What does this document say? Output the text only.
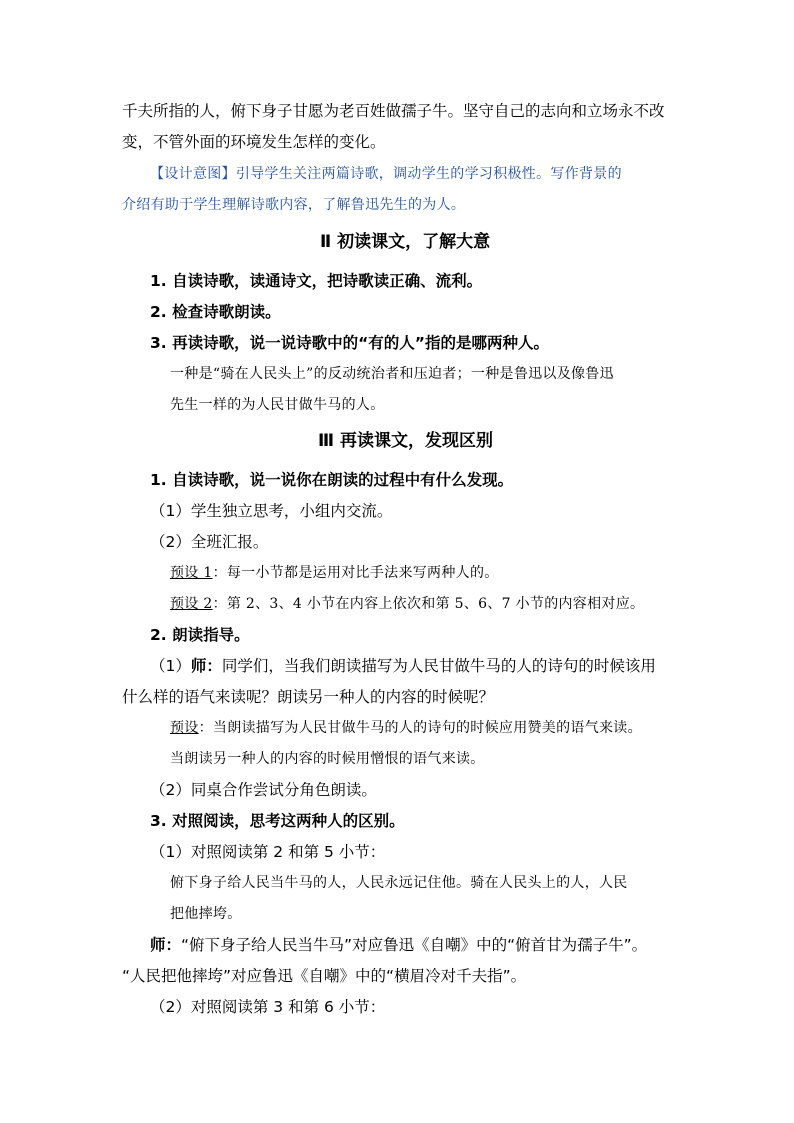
千夫所指的人，俯下身子甘愿为老百姓做孺子牛。坚守自己的志向和立场永不改
变，不管外面的环境发生怎样的变化。
【设计意图】引导学生关注两篇诗歌，调动学生的学习积极性。写作背景的
介绍有助于学生理解诗歌内容，了解鲁迅先生的为人。
Ⅱ 初读课文，了解大意
1. 自读诗歌，读通诗文，把诗歌读正确、流利。
2. 检查诗歌朗读。
3. 再读诗歌，说一说诗歌中的“有的人”指的是哪两种人。
一种是“骑在人民头上”的反动统治者和压迫者；一种是鲁迅以及像鲁迅
先生一样的为人民甘做牛马的人。
Ⅲ 再读课文，发现区别
1. 自读诗歌，说一说你在朗读的过程中有什么发现。
（1）学生独立思考，小组内交流。
（2）全班汇报。
预设 1：每一小节都是运用对比手法来写两种人的。
预设 2：第 2、3、4 小节在内容上依次和第 5、6、7 小节的内容相对应。
2. 朗读指导。
（1）师：同学们，当我们朗读描写为人民甘做牛马的人的诗句的时候该用
什么样的语气来读呢？朗读另一种人的内容的时候呢？
预设：当朗读描写为人民甘做牛马的人的诗句的时候应用赞美的语气来读。
当朗读另一种人的内容的时候用憎恨的语气来读。
（2）同桌合作尝试分角色朗读。
3. 对照阅读，思考这两种人的区别。
（1）对照阅读第 2 和第 5 小节：
俯下身子给人民当牛马的人，人民永远记住他。骑在人民头上的人，人民
把他摔垮。
师：“俯下身子给人民当牛马”对应鲁迅《自嘲》中的“俯首甘为孺子牛”。
“人民把他摔垮”对应鲁迅《自嘲》中的“横眉冷对千夫指”。
（2）对照阅读第 3 和第 6 小节：
